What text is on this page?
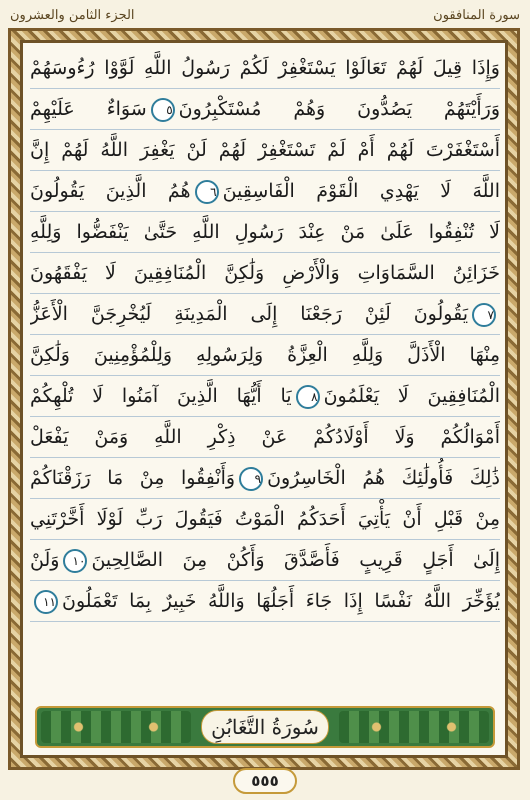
الجزء الثامن والعشرون	سورة المنافقون
وَإِذَا قِيلَ لَهُمْ تَعَالَوْا يَسْتَغْفِرْ لَكُمْ رَسُولُ اللَّهِ لَوَّوْا رُءُوسَهُمْ
وَرَأَيْتَهُمْ يَصُدُّونَ وَهُمْ مُسْتَكْبِرُونَ٥سَوَاءٌ عَلَيْهِمْ
أَسْتَغْفَرْتَ لَهُمْ أَمْ لَمْ تَسْتَغْفِرْ لَهُمْ لَنْ يَغْفِرَ اللَّهُ لَهُمْ إِنَّ
اللَّهَ لَا يَهْدِي الْقَوْمَ الْفَاسِقِينَ٦هُمُ الَّذِينَ يَقُولُونَ
لَا تُنْفِقُوا عَلَىٰ مَنْ عِنْدَ رَسُولِ اللَّهِ حَتَّىٰ يَنْفَضُّوا وَلِلَّهِ
خَزَائِنُ السَّمَاوَاتِ وَالْأَرْضِ وَلَٰكِنَّ الْمُنَافِقِينَ لَا يَفْقَهُونَ
٧يَقُولُونَ لَئِنْ رَجَعْنَا إِلَى الْمَدِينَةِ لَيُخْرِجَنَّ الْأَعَزُّ
مِنْهَا الْأَذَلَّ وَلِلَّهِ الْعِزَّةُ وَلِرَسُولِهِ وَلِلْمُؤْمِنِينَ وَلَٰكِنَّ
الْمُنَافِقِينَ لَا يَعْلَمُونَ٨يَا أَيُّهَا الَّذِينَ آمَنُوا لَا تُلْهِكُمْ
أَمْوَالُكُمْ وَلَا أَوْلَادُكُمْ عَنْ ذِكْرِ اللَّهِ وَمَنْ يَفْعَلْ
ذَٰلِكَ فَأُولَٰئِكَ هُمُ الْخَاسِرُونَ٩وَأَنْفِقُوا مِنْ مَا رَزَقْنَاكُمْ
مِنْ قَبْلِ أَنْ يَأْتِيَ أَحَدَكُمُ الْمَوْتُ فَيَقُولَ رَبِّ لَوْلَا أَخَّرْتَنِي
إِلَىٰ أَجَلٍ قَرِيبٍ فَأَصَّدَّقَ وَأَكُنْ مِنَ الصَّالِحِينَ١٠وَلَنْ
يُؤَخِّرَ اللَّهُ نَفْسًا إِذَا جَاءَ أَجَلُهَا وَاللَّهُ خَبِيرٌ بِمَا تَعْمَلُونَ١١
سُورَةُ التَّغَابُنِ
٥٥٥
